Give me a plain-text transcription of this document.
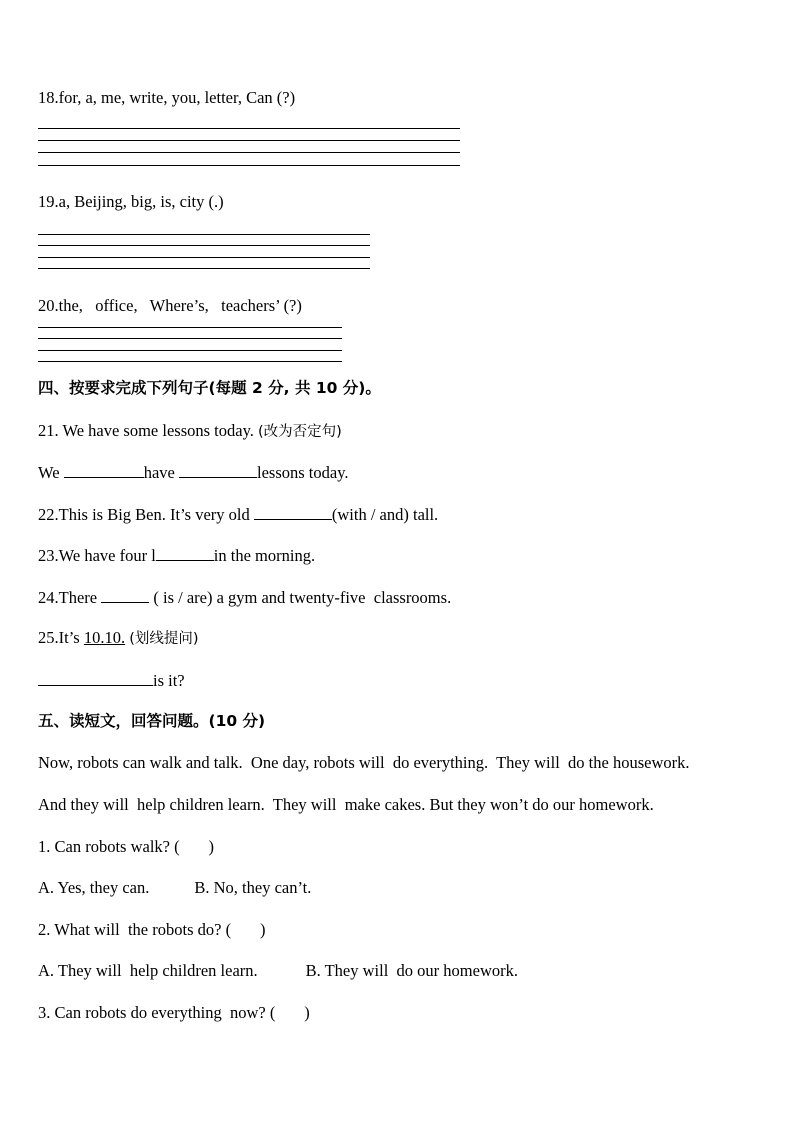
18.for, a, me, write, you, letter, Can (?)
19.a, Beijing, big, is, city (.)
20.the,   office,   Where’s,   teachers’ (?)
四、按要求完成下列句子(每题 2 分, 共 10 分)。
21. We have some lessons today. (改为否定句)
We	have	lessons today.
22.This is Big Ben. It’s very old	(with / and) tall.
23.We have four l	in the morning.
24.There	( is / are) a gym and twenty-five  classrooms.
25.It’s 10.10. (划线提问)
is it?
五、读短文，回答问题。(10 分)
Now, robots can walk and talk.  One day, robots will  do everything.  They will  do the housework.
And they will  help children learn.  They will  make cakes. But they won’t do our homework.
1. Can robots walk? (       )
A. Yes, they can.	B. No, they can’t.
2. What will  the robots do? (       )
A. They will  help children learn.	B. They will  do our homework.
3. Can robots do everything  now? (       )
